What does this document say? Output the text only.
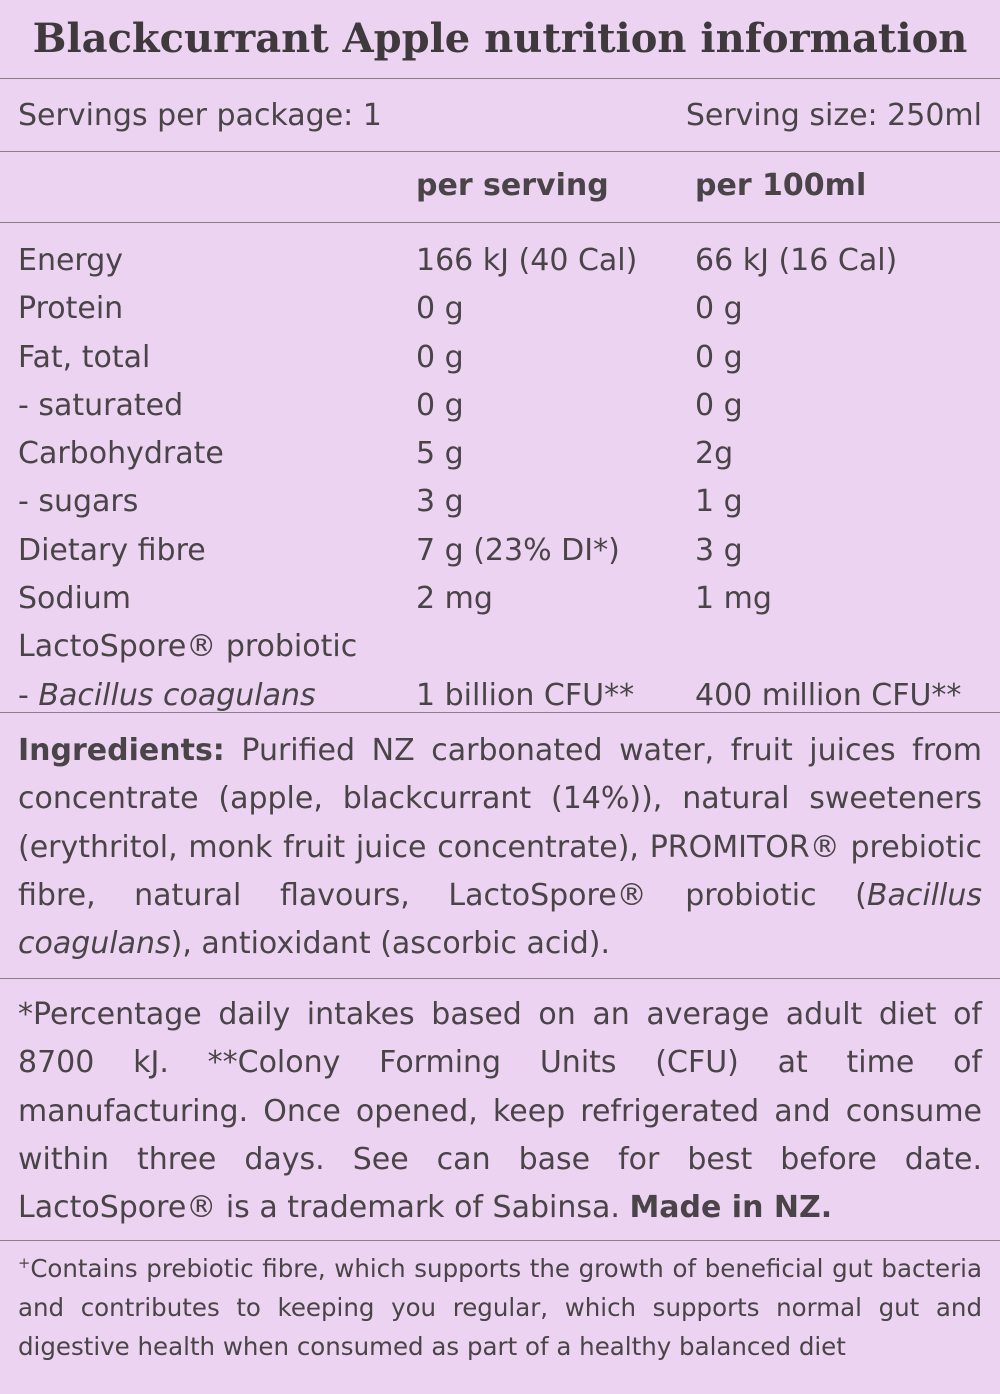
Blackcurrant Apple nutrition information
Servings per package: 1	Serving size: 250ml
per serving	per 100ml
Energy	166 kJ (40 Cal) 66 kJ (16 Cal)
Protein	0 g	0 g
Fat, total	0 g	0 g
- saturated	0 g	0 g
Carbohydrate	5 g	2g
- sugars	3 g	1 g
Dietary fibre	7 g (23% DI*)	3 g
Sodium	2 mg	1 mg
LactoSpore® probiotic
- Bacillus coagulans	1 billion CFU** 400 million CFU**
Ingredients: Purified NZ carbonated water, fruit juices from concentrate (apple, blackcurrant (14%)), natural sweeteners (erythritol, monk fruit juice concentrate), PROMITOR® prebiotic fibre, natural flavours, LactoSpore® probiotic (Bacillus coagulans), antioxidant (ascorbic acid).
*Percentage daily intakes based on an average adult diet of 8700 kJ. **Colony Forming Units (CFU) at time of manufacturing. Once opened, keep refrigerated and consume within three days. See can base for best before date. LactoSpore® is a trademark of Sabinsa. Made in NZ.
+Contains prebiotic fibre, which supports the growth of beneficial gut bacteria and contributes to keeping you regular, which supports normal gut and digestive health when consumed as part of a healthy balanced diet
